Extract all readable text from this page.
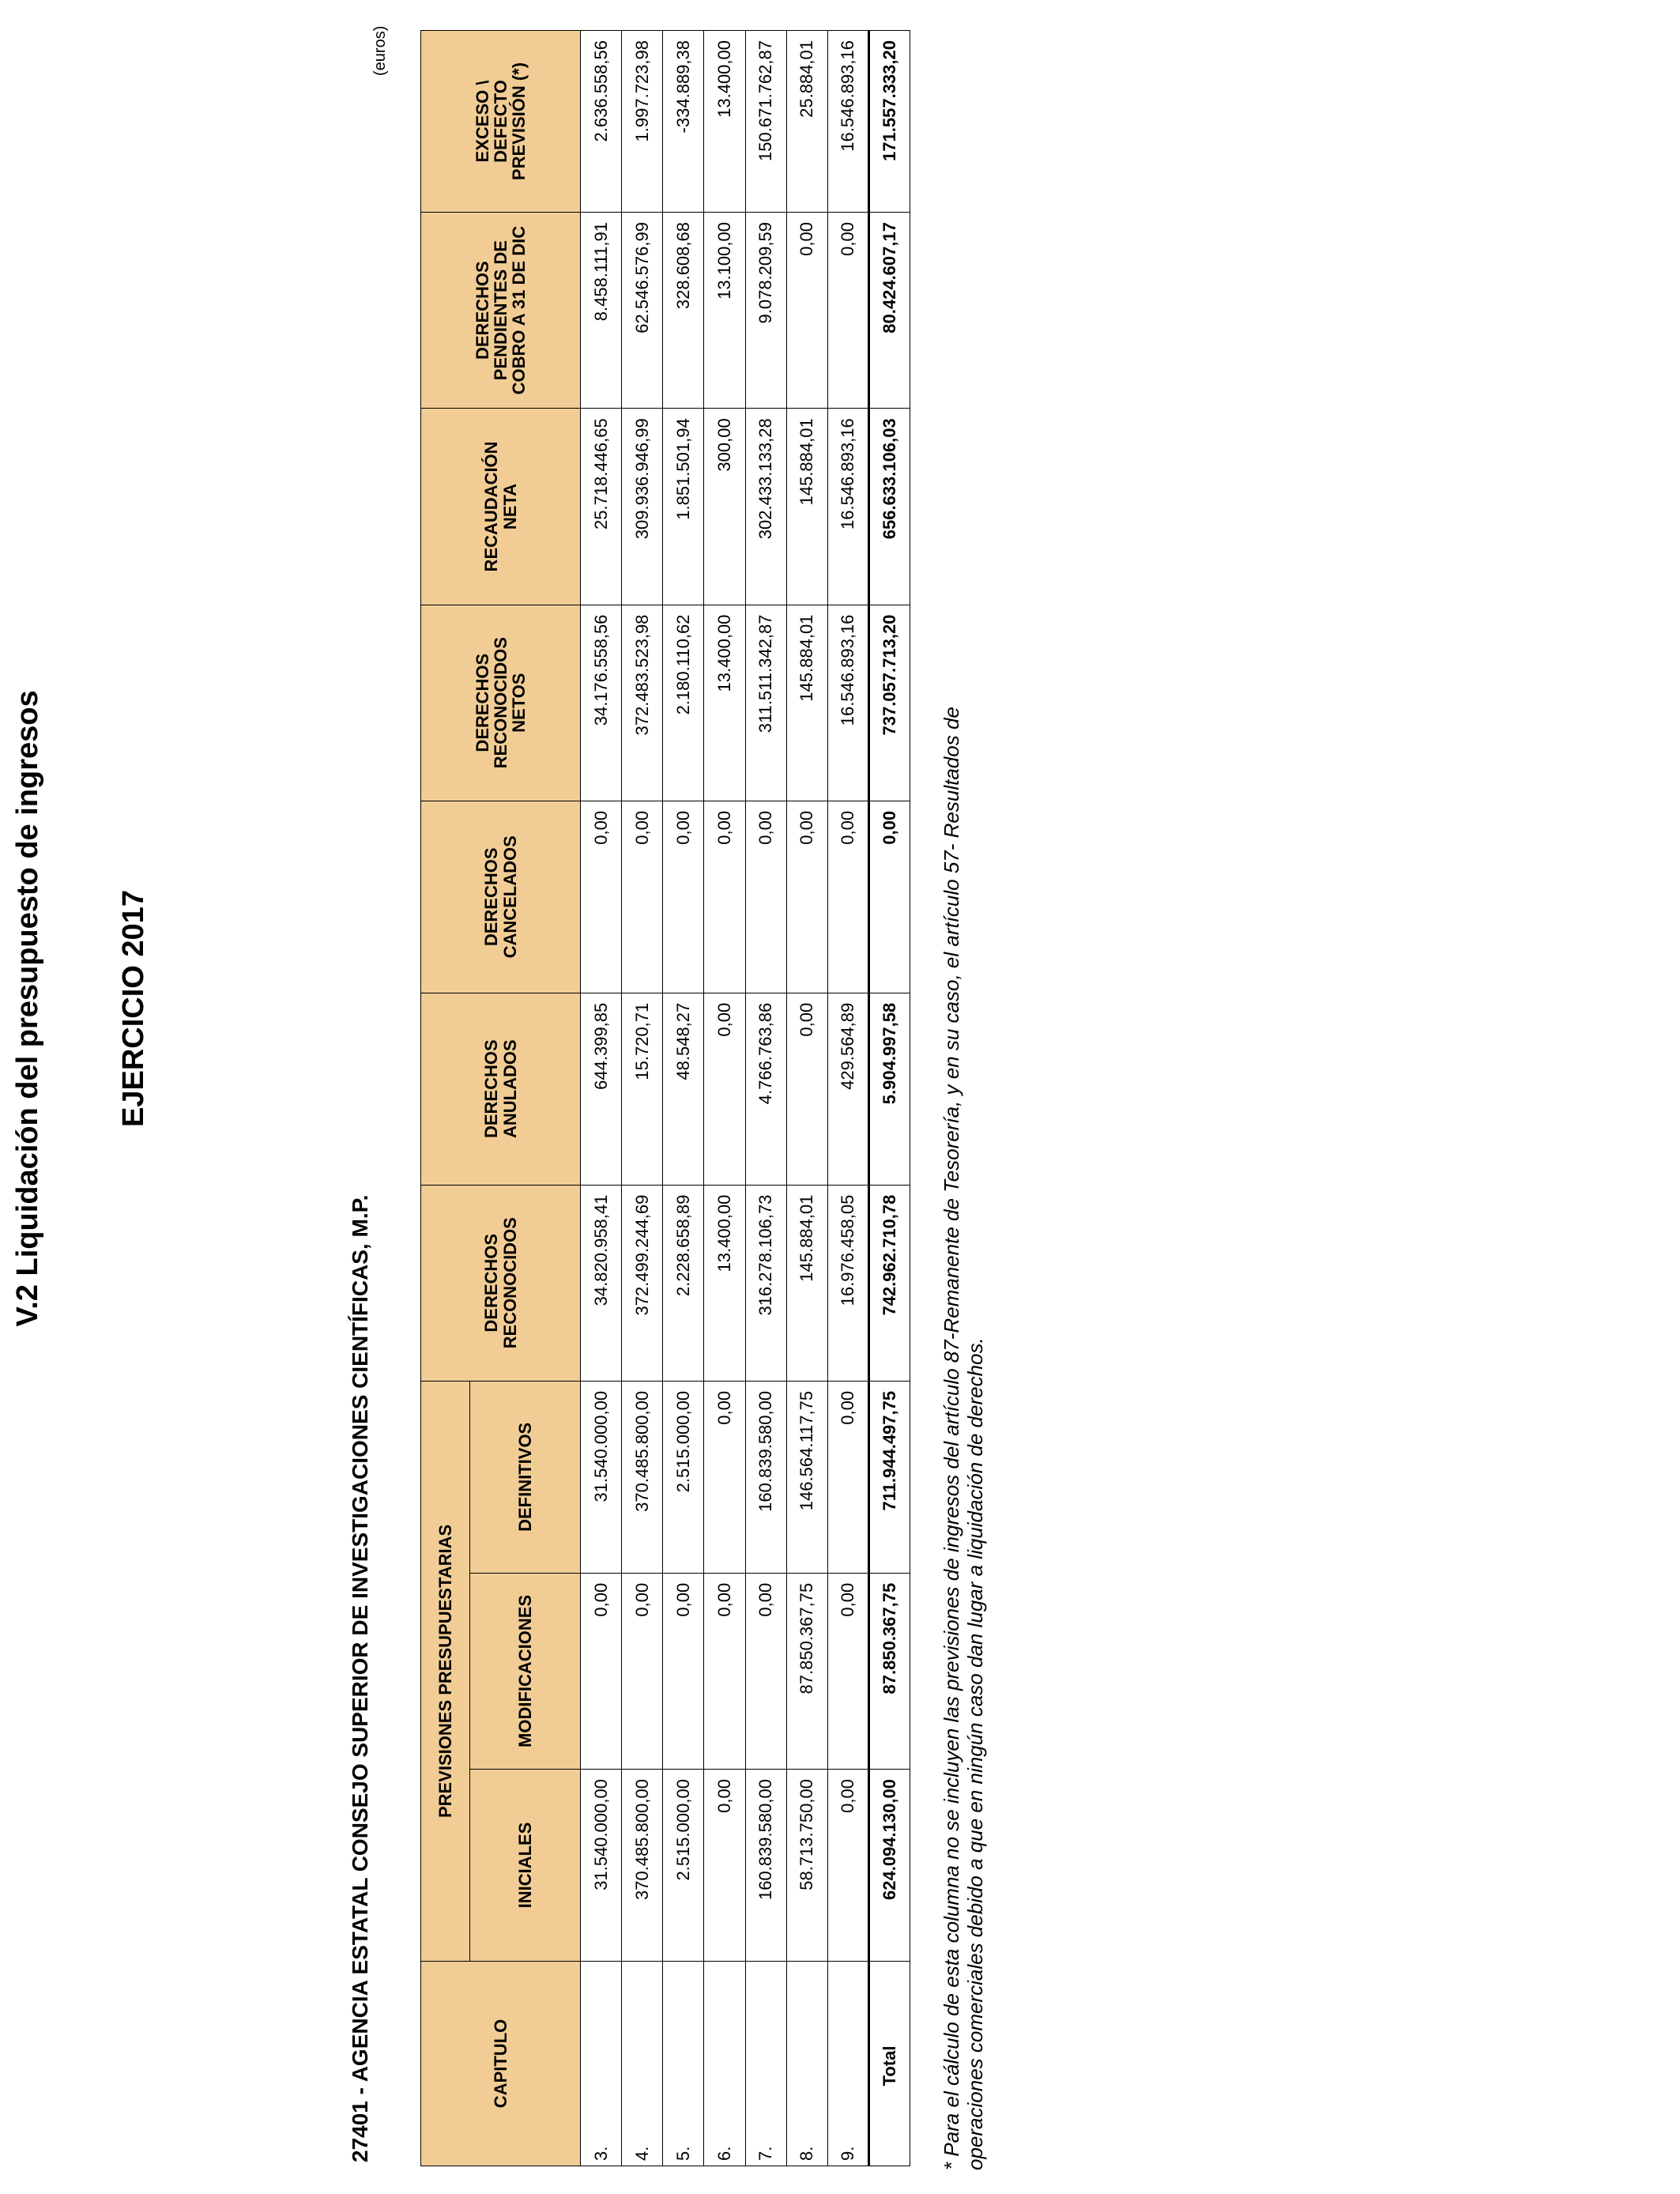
V.2 Liquidación del presupuesto de ingresos EJERCICIO 2017
27401 - AGENCIA ESTATAL CONSEJO SUPERIOR DE INVESTIGACIONES CIENTÍFICAS, M.P.
(euros)
CAPITULO	PREVISIONES PRESUPUESTARIAS			DERECHOS RECONOCIDOS	DERECHOS ANULADOS	DERECHOS CANCELADOS	DERECHOS RECONOCIDOS NETOS	RECAUDACIÓN NETA	DERECHOS PENDIENTES DE COBRO A 31 DE DIC	EXCESO \ DEFECTO PREVISIÓN (*)
	INICIALES	MODIFICACIONES	DEFINITIVOS							
3.	31.540.000,00	0,00	31.540.000,00	34.820.958,41	644.399,85	0,00	34.176.558,56	25.718.446,65	8.458.111,91	2.636.558,56
4.	370.485.800,00	0,00	370.485.800,00	372.499.244,69	15.720,71	0,00	372.483.523,98	309.936.946,99	62.546.576,99	1.997.723,98
5.	2.515.000,00	0,00	2.515.000,00	2.228.658,89	48.548,27	0,00	2.180.110,62	1.851.501,94	328.608,68	-334.889,38
6.	0,00	0,00	0,00	13.400,00	0,00	0,00	13.400,00	300,00	13.100,00	13.400,00
7.	160.839.580,00	0,00	160.839.580,00	316.278.106,73	4.766.763,86	0,00	311.511.342,87	302.433.133,28	9.078.209,59	150.671.762,87
8.	58.713.750,00	87.850.367,75	146.564.117,75	145.884,01	0,00	0,00	145.884,01	145.884,01	0,00	25.884,01
9.	0,00	0,00	0,00	16.976.458,05	429.564,89	0,00	16.546.893,16	16.546.893,16	0,00	16.546.893,16
Total	624.094.130,00	87.850.367,75	711.944.497,75	742.962.710,78	5.904.997,58	0,00	737.057.713,20	656.633.106,03	80.424.607,17	171.557.333,20
* Para el cálculo de esta columna no se incluyen las previsiones de ingresos del artículo 87-Remanente de Tesorería, y en su caso, el artículo 57- Resultados de operaciones comerciales debido a que en ningún caso dan lugar a liquidación de derechos.
